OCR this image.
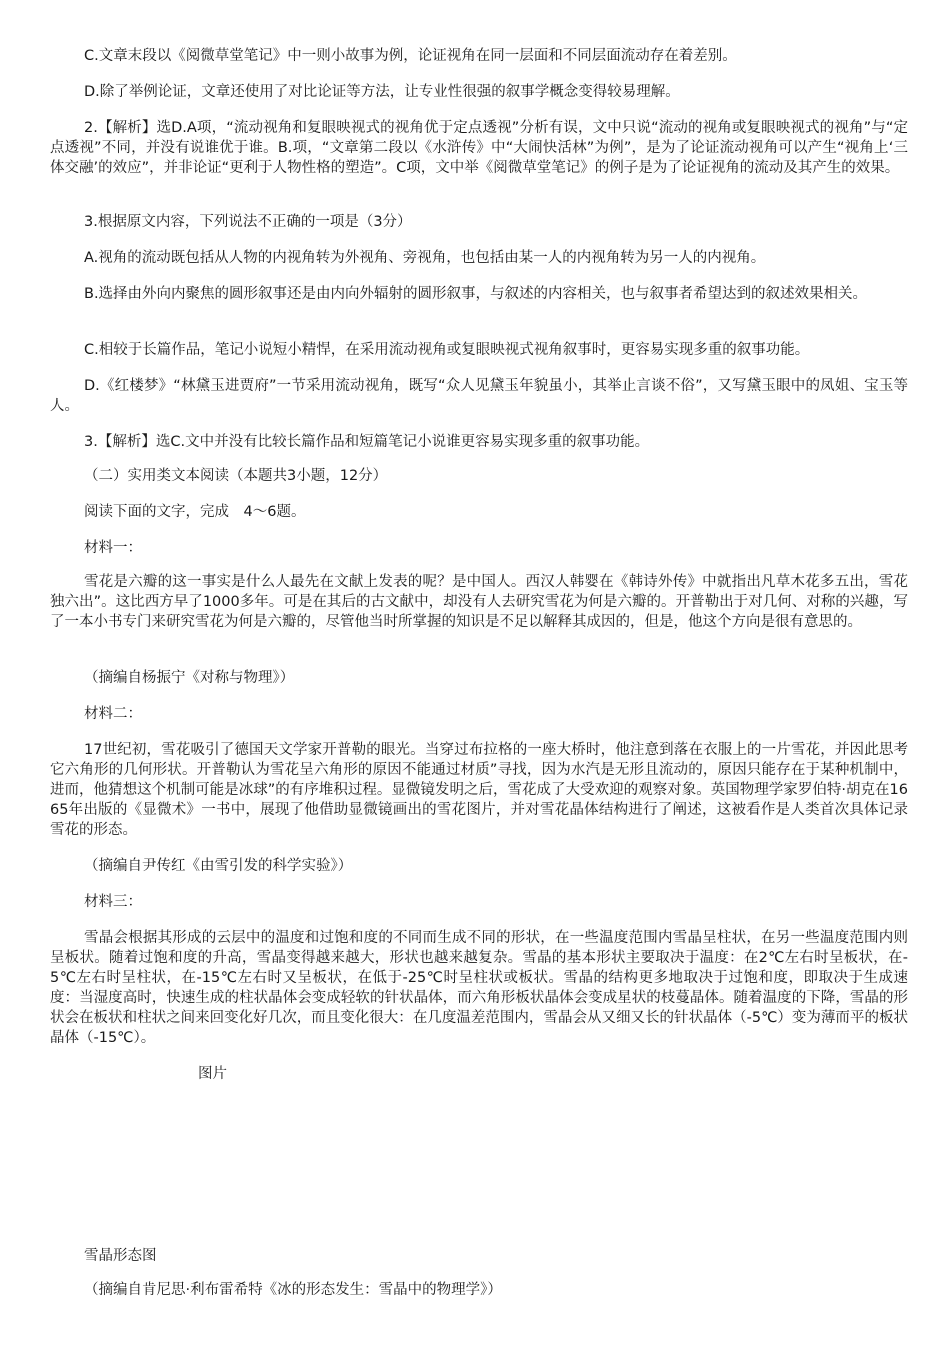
C.文章末段以《阅微草堂笔记》中一则小故事为例，论证视角在同一层面和不同层面流动存在着差别。

D.除了举例论证，文章还使用了对比论证等方法，让专业性很强的叙事学概念变得较易理解。

2.【解析】选D.A项，“流动视角和复眼映视式的视角优于定点透视”分析有误，文中只说“流动的视角或复眼映视式的视角”与“定点透视”不同，并没有说谁优于谁。B.项，“文章第二段以《水浒传》中“大闹快活林”为例”，是为了论证流动视角可以产生“视角上‘三体交融’的效应”，并非论证“更利于人物性格的塑造”。C项，文中举《阅微草堂笔记》的例子是为了论证视角的流动及其产生的效果。

3.根据原文内容，下列说法不正确的一项是（3分）

A.视角的流动既包括从人物的内视角转为外视角、旁视角，也包括由某一人的内视角转为另一人的内视角。

B.选择由外向内聚焦的圆形叙事还是由内向外辐射的圆形叙事，与叙述的内容相关，也与叙事者希望达到的叙述效果相关。

C.相较于长篇作品，笔记小说短小精悍，在采用流动视角或复眼映视式视角叙事时，更容易实现多重的叙事功能。

D.《红楼梦》“林黛玉进贾府”一节采用流动视角，既写“众人见黛玉年貌虽小，其举止言谈不俗”，又写黛玉眼中的凤姐、宝玉等人。

3.【解析】选C.文中并没有比较长篇作品和短篇笔记小说谁更容易实现多重的叙事功能。

（二）实用类文本阅读（本题共3小题，12分）

阅读下面的文字，完成　4～6题。

材料一：

雪花是六瓣的这一事实是什么人最先在文献上发表的呢？是中国人。西汉人韩婴在《韩诗外传》中就指出凡草木花多五出，雪花独六出”。这比西方早了1000多年。可是在其后的古文献中，却没有人去研究雪花为何是六瓣的。开普勒出于对几何、对称的兴趣，写了一本小书专门来研究雪花为何是六瓣的，尽管他当时所掌握的知识是不足以解释其成因的，但是，他这个方向是很有意思的。

（摘编自杨振宁《对称与物理》）

材料二：

17世纪初，雪花吸引了德国天文学家开普勒的眼光。当穿过布拉格的一座大桥时，他注意到落在衣服上的一片雪花，并因此思考它六角形的几何形状。开普勒认为雪花呈六角形的原因不能通过材质”寻找，因为水汽是无形且流动的，原因只能存在于某种机制中，进而，他猜想这个机制可能是冰球”的有序堆积过程。显微镜发明之后，雪花成了大受欢迎的观察对象。英国物理学家罗伯特·胡克在1665年出版的《显微术》一书中，展现了他借助显微镜画出的雪花图片，并对雪花晶体结构进行了阐述，这被看作是人类首次具体记录雪花的形态。

（摘编自尹传红《由雪引发的科学实验》）

材料三：

雪晶会根据其形成的云层中的温度和过饱和度的不同而生成不同的形状，在一些温度范围内雪晶呈柱状，在另一些温度范围内则呈板状。随着过饱和度的升高，雪晶变得越来越大，形状也越来越复杂。雪晶的基本形状主要取决于温度：在2℃左右时呈板状，在-5℃左右时呈柱状，在-15℃左右时又呈板状，在低于-25℃时呈柱状或板状。雪晶的结构更多地取决于过饱和度，即取决于生成速度：当湿度高时，快速生成的柱状晶体会变成轻软的针状晶体，而六角形板状晶体会变成星状的枝蔓晶体。随着温度的下降，雪晶的形状会在板状和柱状之间来回变化好几次，而且变化很大：在几度温差范围内，雪晶会从又细又长的针状晶体（-5℃）变为薄而平的板状晶体（-15℃）。

图片

雪晶形态图

（摘编自肯尼思·利布雷希特《冰的形态发生：雪晶中的物理学》）
